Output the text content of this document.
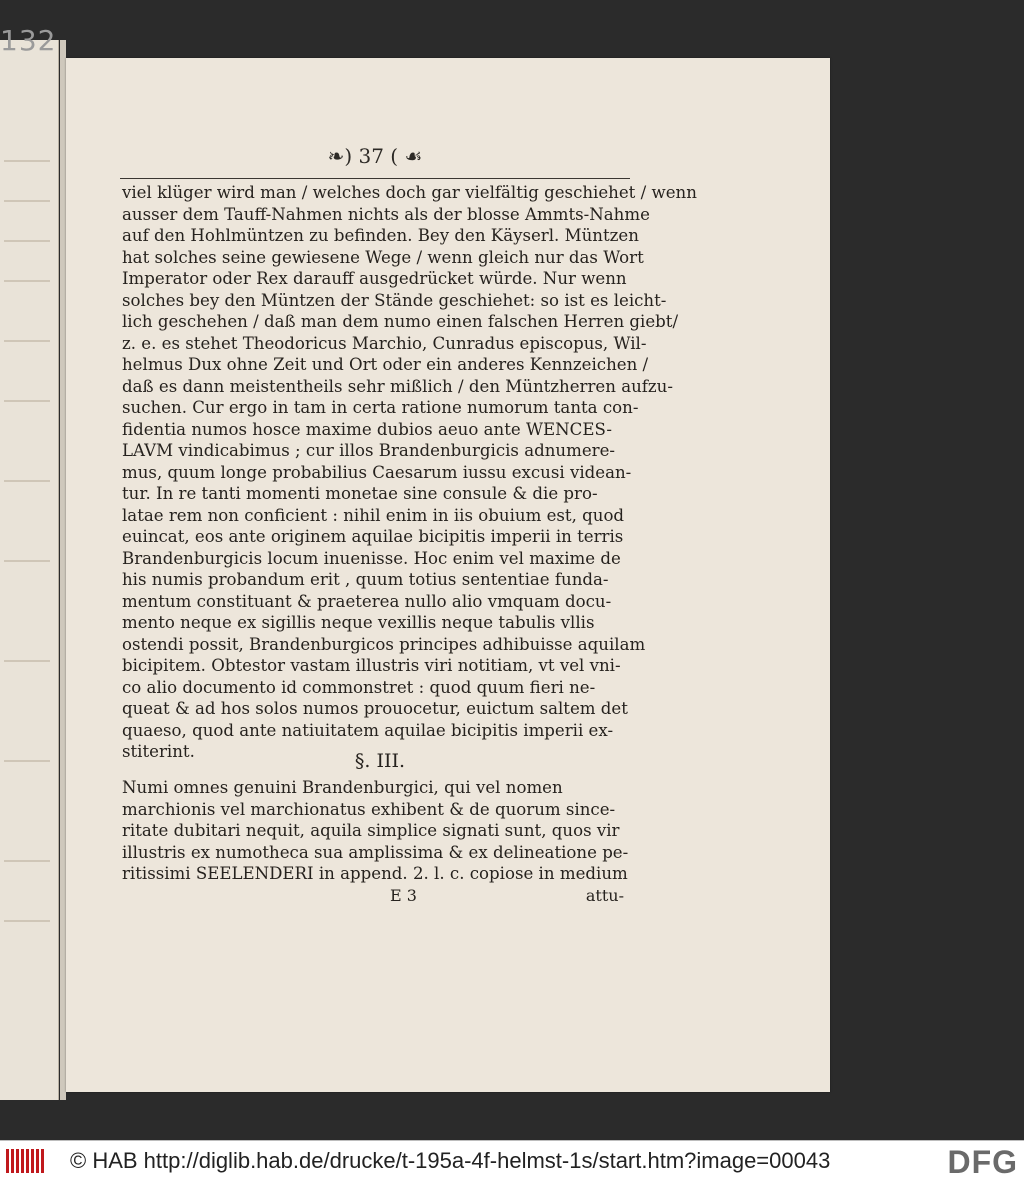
132
❧) 37 ( ☙
viel klüger wird man / welches doch gar vielfältig geschiehet / wenn
ausser dem Tauff-Nahmen nichts als der blosse Ammts-Nahme
auf den Hohlmüntzen zu befinden. Bey den Käyserl. Müntzen
hat solches seine gewiesene Wege / wenn gleich nur das Wort
Imperator oder Rex darauff ausgedrücket würde. Nur wenn
solches bey den Müntzen der Stände geschiehet: so ist es leicht-
lich geschehen / daß man dem numo einen falschen Herren giebt/
z. e. es stehet Theodoricus Marchio, Cunradus episcopus, Wil-
helmus Dux ohne Zeit und Ort oder ein anderes Kennzeichen /
daß es dann meistentheils sehr mißlich / den Müntzherren aufzu-
suchen. Cur ergo in tam in certa ratione numorum tanta con-
fidentia numos hosce maxime dubios aeuo ante WENCES-
LAVM vindicabimus ; cur illos Brandenburgicis adnumere-
mus, quum longe probabilius Caesarum iussu excusi videan-
tur. In re tanti momenti monetae sine consule & die pro-
latae rem non conficient : nihil enim in iis obuium est, quod
euincat, eos ante originem aquilae bicipitis imperii in terris
Brandenburgicis locum inuenisse. Hoc enim vel maxime de
his numis probandum erit , quum totius sententiae funda-
mentum constituant & praeterea nullo alio vmquam docu-
mento neque ex sigillis neque vexillis neque tabulis vllis
ostendi possit, Brandenburgicos principes adhibuisse aquilam
bicipitem. Obtestor vastam illustris viri notitiam, vt vel vni-
co alio documento id commonstret : quod quum fieri ne-
queat & ad hos solos numos prouocetur, euictum saltem det
quaeso, quod ante natiuitatem aquilae bicipitis imperii ex-
stiterint.	§. III.
Numi omnes genuini Brandenburgici, qui vel nomen
marchionis vel marchionatus exhibent & de quorum since-
ritate dubitari nequit, aquila simplice signati sunt, quos vir
illustris ex numotheca sua amplissima & ex delineatione pe-
ritissimi SEELENDERI in append. 2. l. c. copiose in medium
E 3	attu-
© HAB http://diglib.hab.de/drucke/t-195a-4f-helmst-1s/start.htm?image=00043	DFG
